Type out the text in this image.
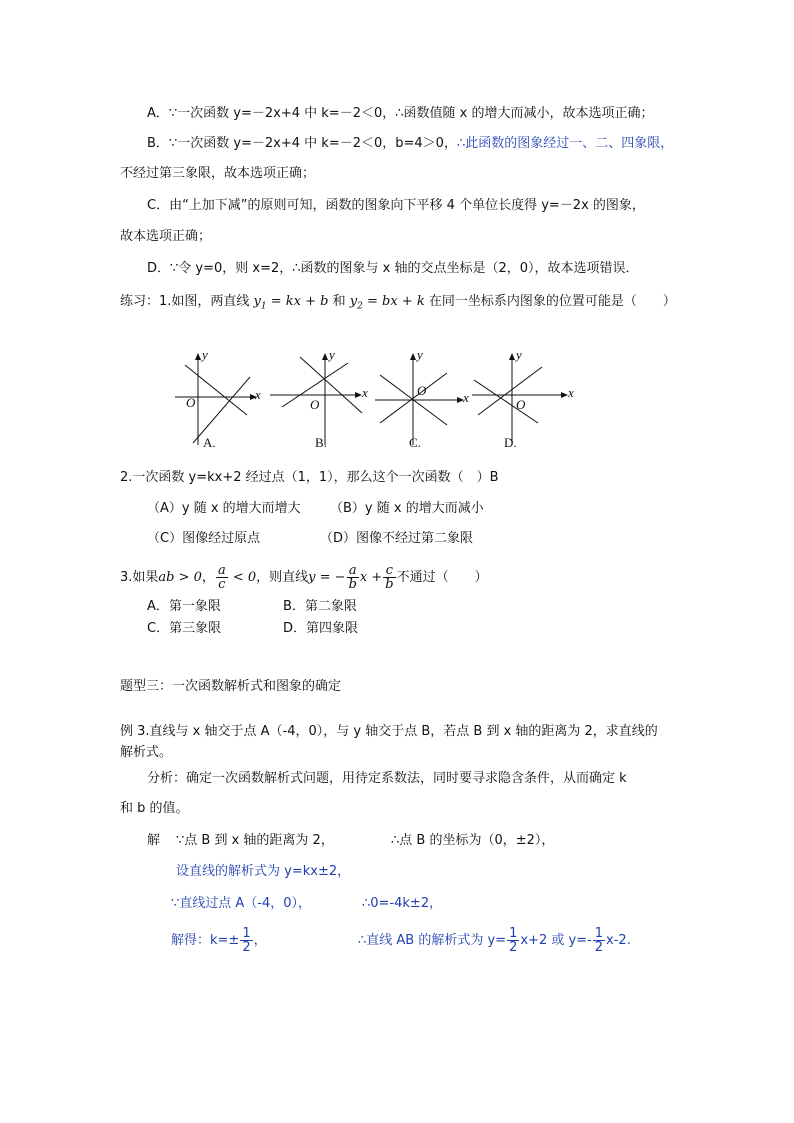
A．∵一次函数 y=－2x+4 中 k=－2＜0，∴函数值随 x 的增大而减小，故本选项正确；
B．∵一次函数 y=－2x+4 中 k=－2＜0，b=4＞0，∴此函数的图象经过一、二、四象限，
不经过第三象限，故本选项正确；
C．由“上加下减”的原则可知，函数的图象向下平移 4 个单位长度得 y=－2x 的图象，
故本选项正确；
D．∵令 y=0，则 x=2，∴函数的图象与 x 轴的交点坐标是（2，0），故本选项错误．
练习：1.如图，两直线 $y_1$ = kx + b 和 $y_2$ = bx + k 在同一坐标系内图象的位置可能是（　　）
y
x
O
A.
y
x
O
B.
y
x
O
C.
y
x
O
D.
2.一次函数 y=kx+2 经过点（1，1），那么这个一次函数（　）B
（A）y 随 x 的增大而增大 （B）y 随 x 的增大而减小
（C）图像经过原点	（D）图像不经过第二象限
3.如果ab > 0， $\frac{a}{c} < 0$，则直线y = − $\frac{a}{b}$ $x + \frac{c}{b}$ 不通过（　　）
A．第一象限	B．第二象限
C．第三象限	D．第四象限
题型三：一次函数解析式和图象的确定
例 3.直线与 x 轴交于点 A（-4，0），与 y 轴交于点 B，若点 B 到 x 轴的距离为 2，求直线的
解析式。
分析：确定一次函数解析式问题，用待定系数法，同时要寻求隐含条件，从而确定 k
和 b 的值。
解 ∵点 B 到 x 轴的距离为 2，	∴点 B 的坐标为（0，±2），
设直线的解析式为 y=kx±2，
∵直线过点 A（-4，0），	∴0=-4k±2，
解得：$k=\pm \frac{1}{2}$ ，	∴直线 AB 的解析式为 $y= \frac{1}{2} x+2$ 或 $y=- \frac{1}{2} x-2$.
